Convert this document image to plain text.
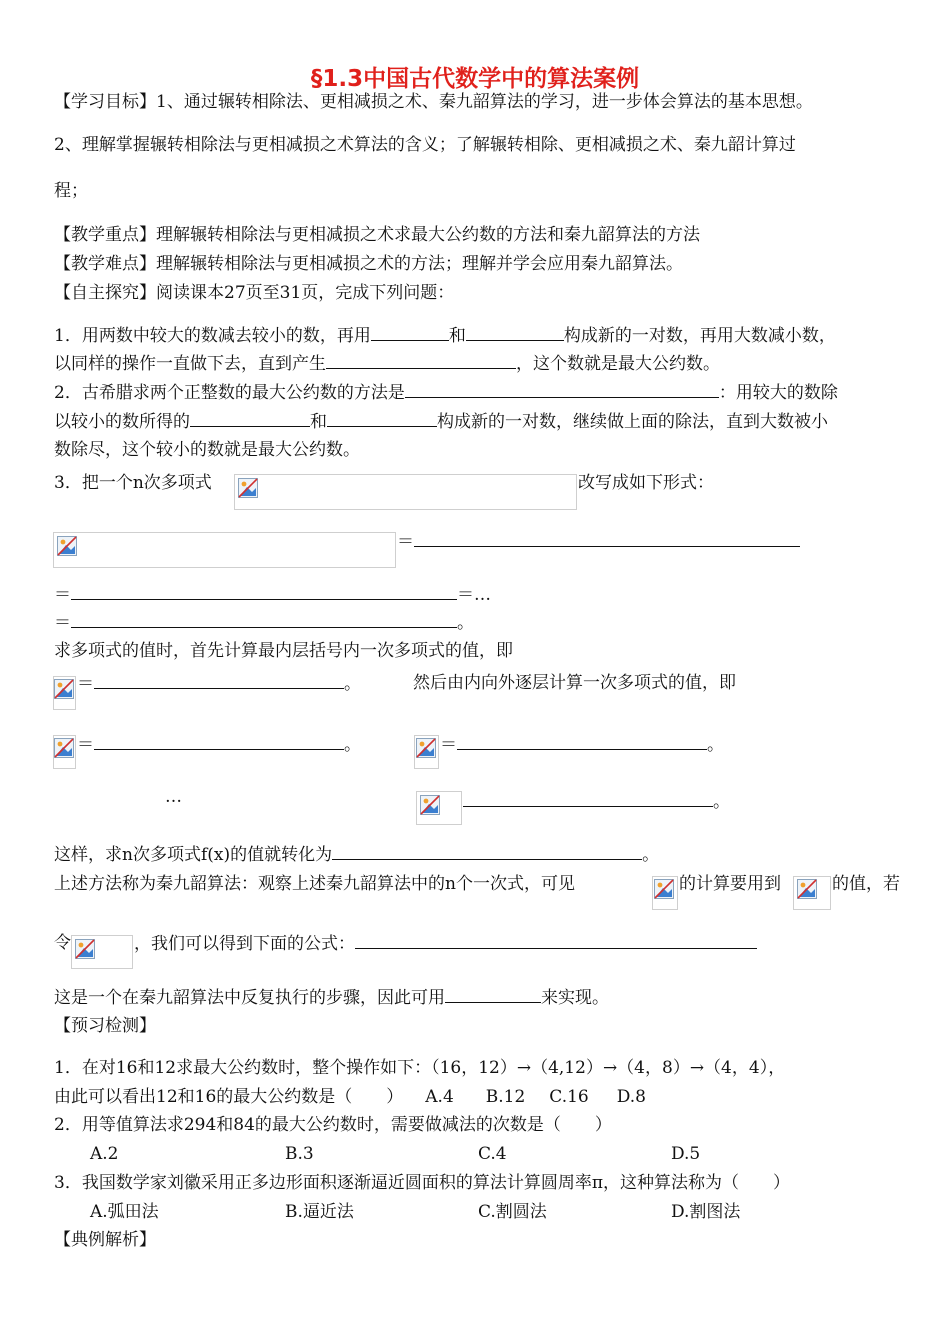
§1.3中国古代数学中的算法案例
【学习目标】1、通过辗转相除法、更相减损之术、秦九韶算法的学习，进一步体会算法的基本思想。
2、理解掌握辗转相除法与更相减损之术算法的含义；了解辗转相除、更相减损之术、秦九韶计算过
程；
【教学重点】理解辗转相除法与更相减损之术求最大公约数的方法和秦九韶算法的方法
【教学难点】理解辗转相除法与更相减损之术的方法；理解并学会应用秦九韶算法。
【自主探究】阅读课本27页至31页，完成下列问题：
1．用两数中较大的数减去较小的数，再用	和	构成新的一对数，再用大数减小数，
以同样的操作一直做下去，直到产生	，这个数就是最大公约数。
2．古希腊求两个正整数的最大公约数的方法是	：用较大的数除
以较小的数所得的	和	构成新的一对数，继续做上面的除法，直到大数被小
数除尽，这个较小的数就是最大公约数。
3．把一个n次多项式	改写成如下形式：
＝
＝	＝…
＝	。
求多项式的值时，首先计算最内层括号内一次多项式的值，即
＝	。	然后由内向外逐层计算一次多项式的值，即
＝	。	＝	。
…	。
这样，求n次多项式f(x)的值就转化为	。
上述方法称为秦九韶算法：观察上述秦九韶算法中的n个一次式，可见	的计算要用到	的值，若
令	，我们可以得到下面的公式：
这是一个在秦九韶算法中反复执行的步骤，因此可用	来实现。
【预习检测】
1．在对16和12求最大公约数时，整个操作如下：（16，12）→（4,12）→（4，8）→（4，4），
由此可以看出12和16的最大公约数是（　　） A.4 B.12 C.16 D.8
2．用等值算法求294和84的最大公约数时，需要做减法的次数是（　　）
A.2	B.3	C.4	D.5
3．我国数学家刘徽采用正多边形面积逐渐逼近圆面积的算法计算圆周率π，这种算法称为（　　）
A.弧田法	B.逼近法	C.割圆法	D.割图法
【典例解析】
